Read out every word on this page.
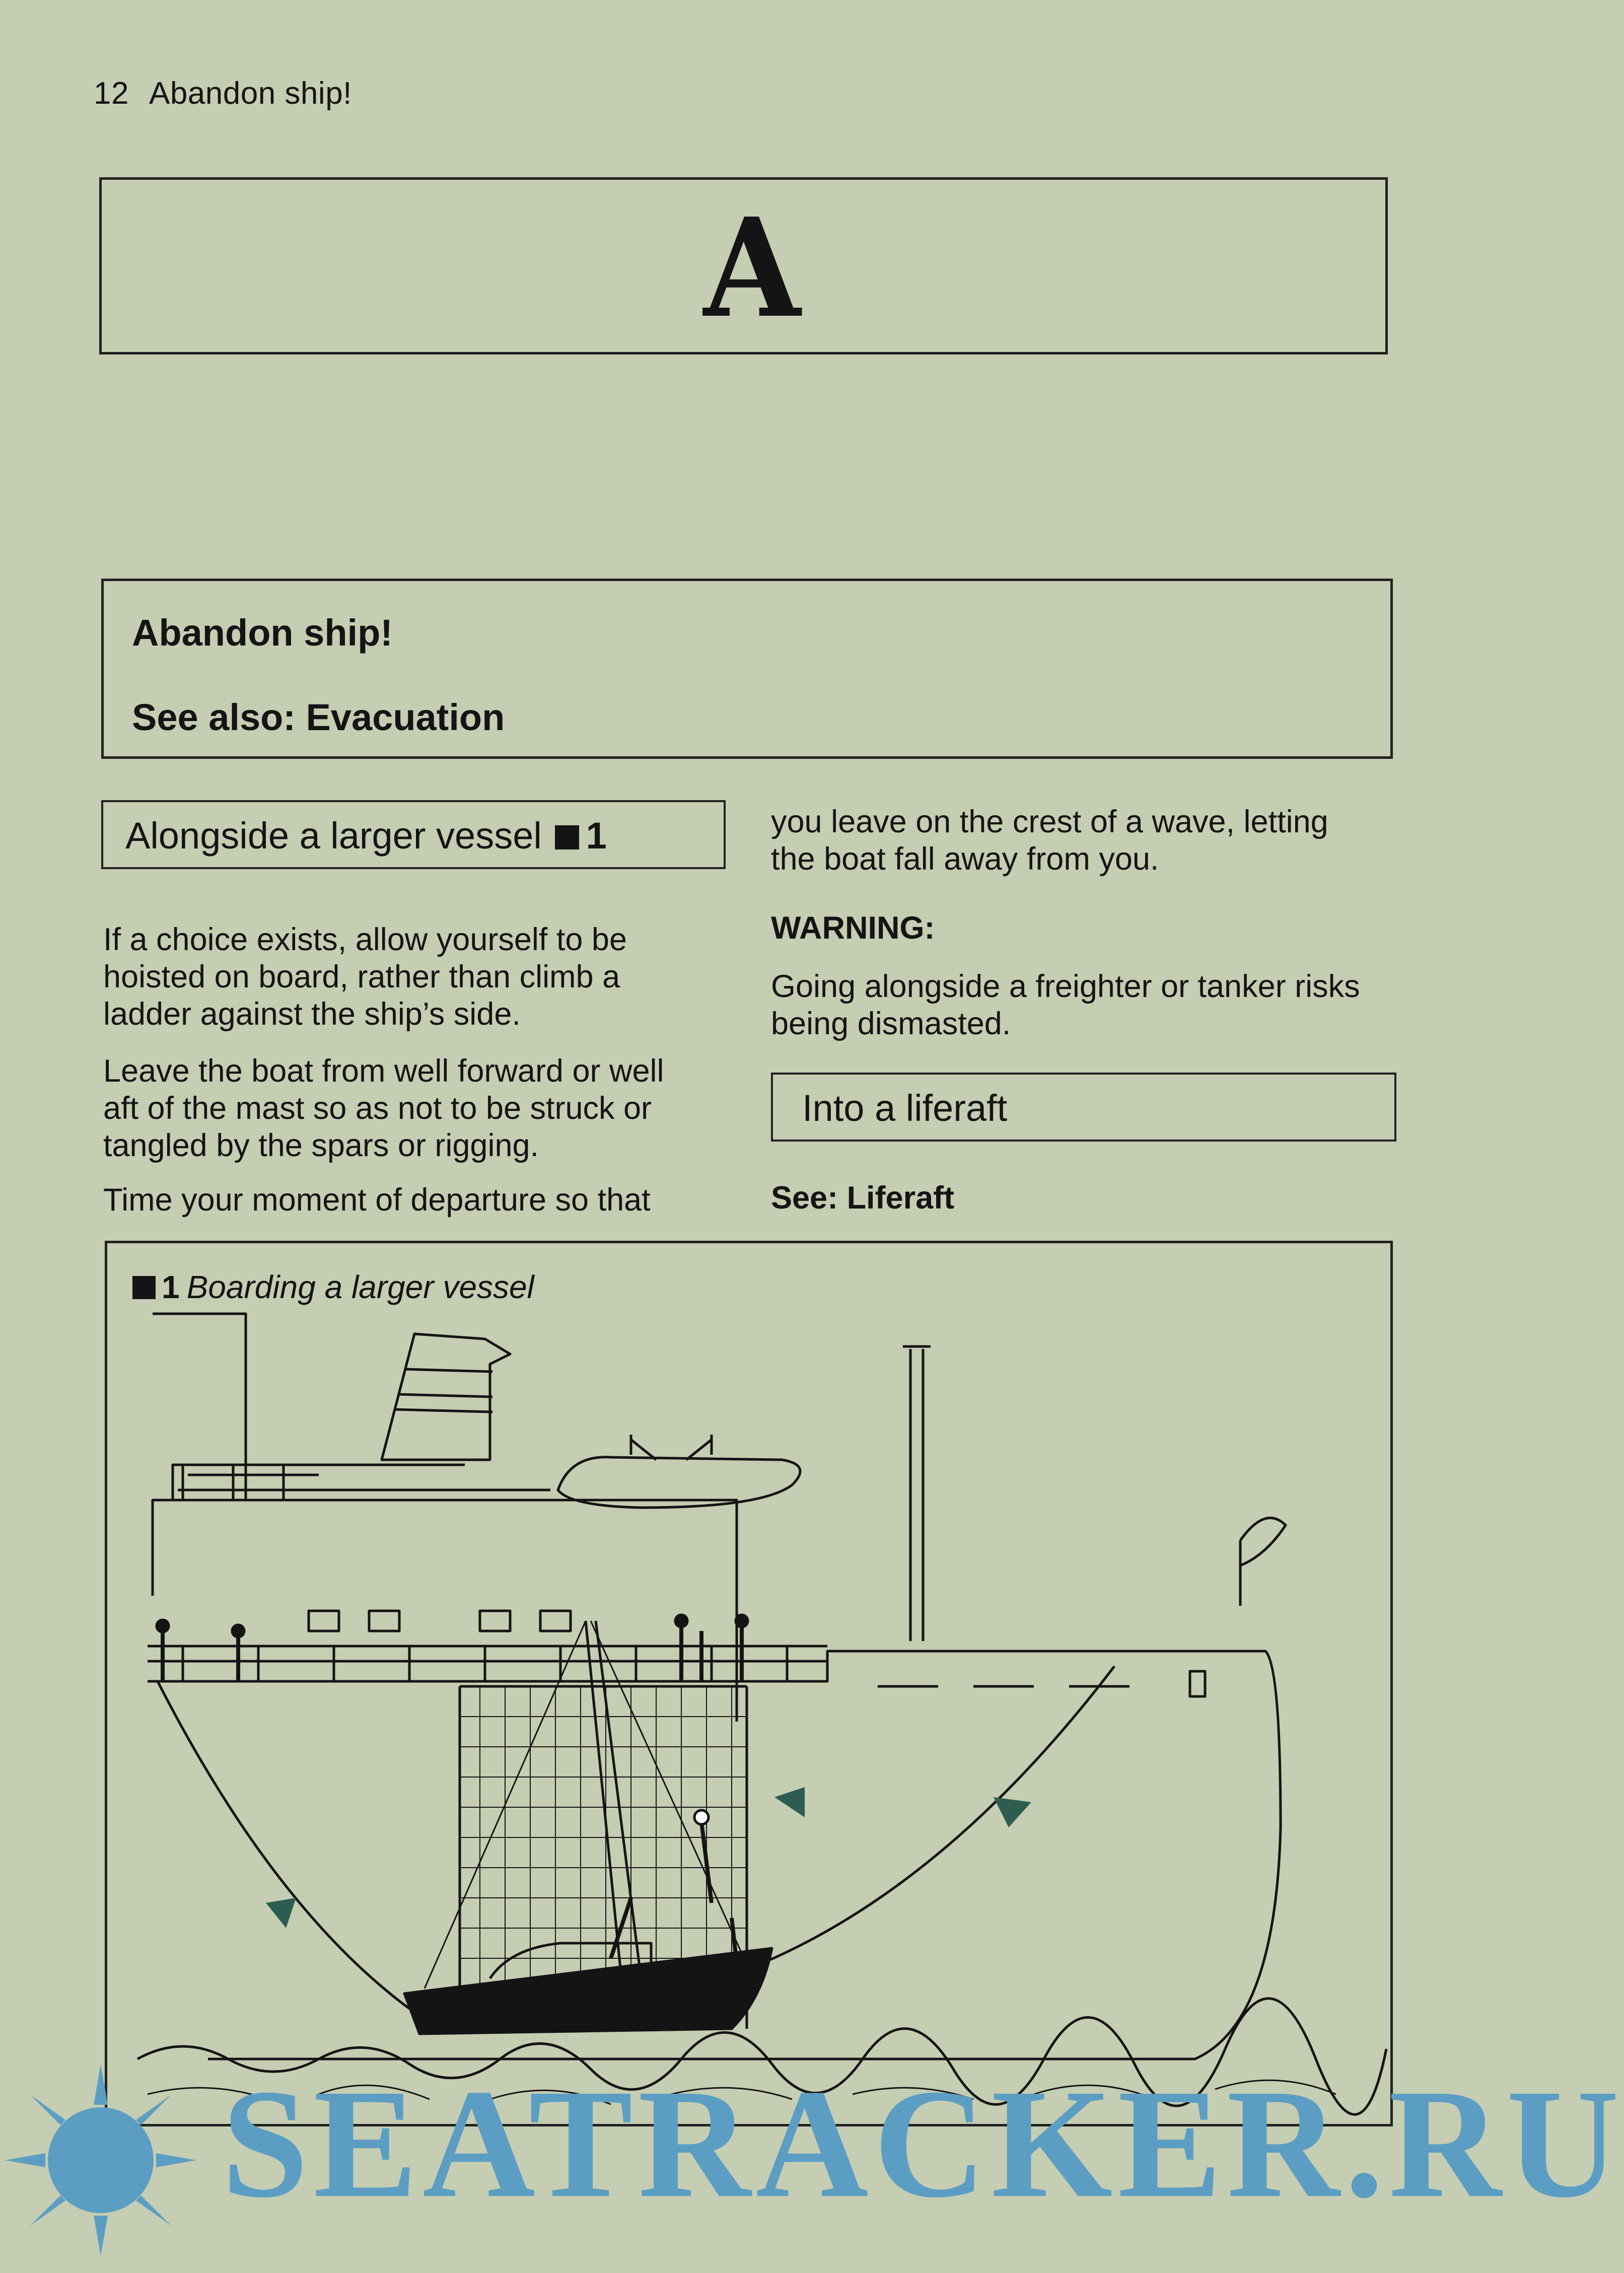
12 Abandon ship!
A
Abandon ship!
See also: Evacuation
Alongside a larger vessel 1
If a choice exists, allow yourself to be
hoisted on board, rather than climb a
ladder against the ship’s side.
Leave the boat from well forward or well
aft of the mast so as not to be struck or
tangled by the spars or rigging.
Time your moment of departure so that
you leave on the crest of a wave, letting
the boat fall away from you.
WARNING:
Going alongside a freighter or tanker risks
being dismasted.
Into a liferaft
See: Liferaft
1 Boarding a larger vessel
SEATRACKER.RU
